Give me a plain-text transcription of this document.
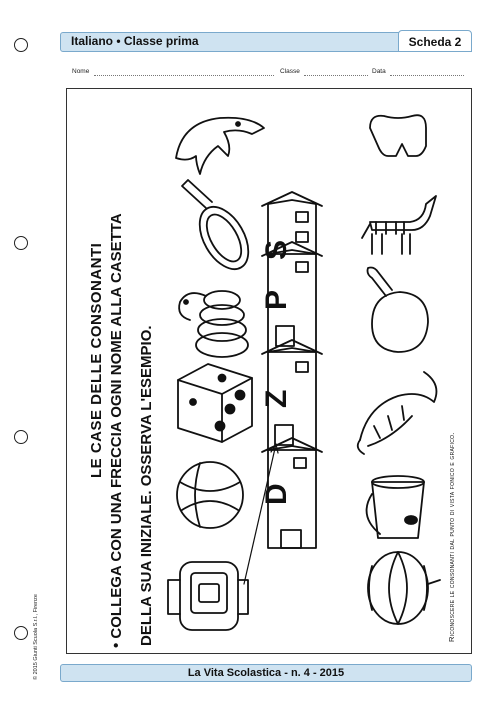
Italiano • Classe prima	Scheda 2
Nome	Classe	Data
LE CASE DELLE CONSONANTI • COLLEGA CON UNA FRECCIA OGNI NOME ALLA CASETTA DELLA SUA INIZIALE. OSSERVA L'ESEMPIO.	Riconoscere le consonanti dal punto di vista fonico e grafico.
© 2015 Giunti Scuola S.r.l., Firenze
D
Z
P
S
La Vita Scolastica - n. 4 - 2015
